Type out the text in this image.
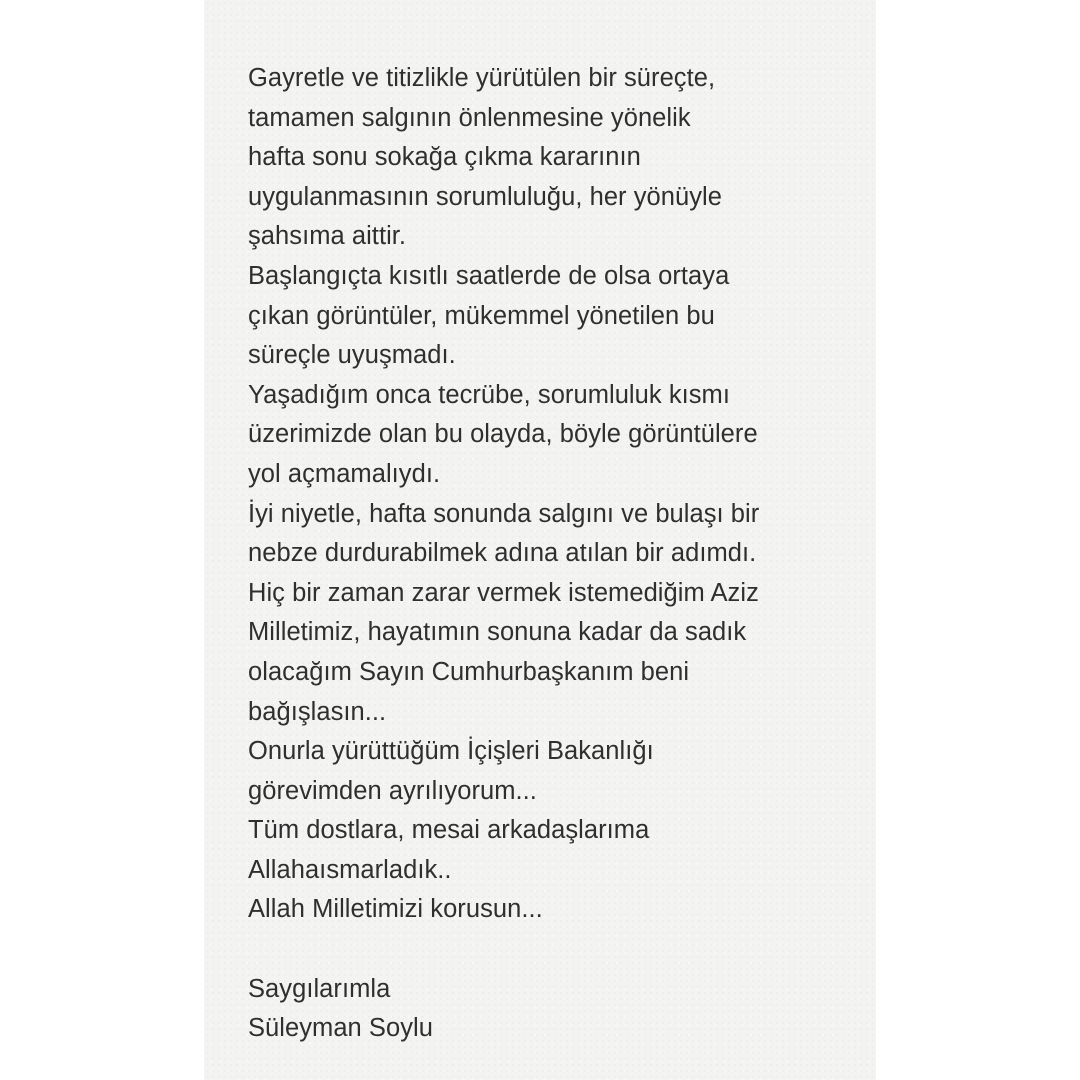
Gayretle ve titizlikle yürütülen bir süreçte,
tamamen salgının önlenmesine yönelik
hafta sonu sokağa çıkma kararının
uygulanmasının sorumluluğu, her yönüyle
şahsıma aittir.
Başlangıçta kısıtlı saatlerde de olsa ortaya
çıkan görüntüler, mükemmel yönetilen bu
süreçle uyuşmadı.
Yaşadığım onca tecrübe, sorumluluk kısmı
üzerimizde olan bu olayda, böyle görüntülere
yol açmamalıydı.
İyi niyetle, hafta sonunda salgını ve bulaşı bir
nebze durdurabilmek adına atılan bir adımdı.
Hiç bir zaman zarar vermek istemediğim Aziz
Milletimiz, hayatımın sonuna kadar da sadık
olacağım Sayın Cumhurbaşkanım beni
bağışlasın...
Onurla yürüttüğüm İçişleri Bakanlığı
görevimden ayrılıyorum...
Tüm dostlara, mesai arkadaşlarıma
Allahaısmarladık..
Allah Milletimizi korusun...
Saygılarımla
Süleyman Soylu
